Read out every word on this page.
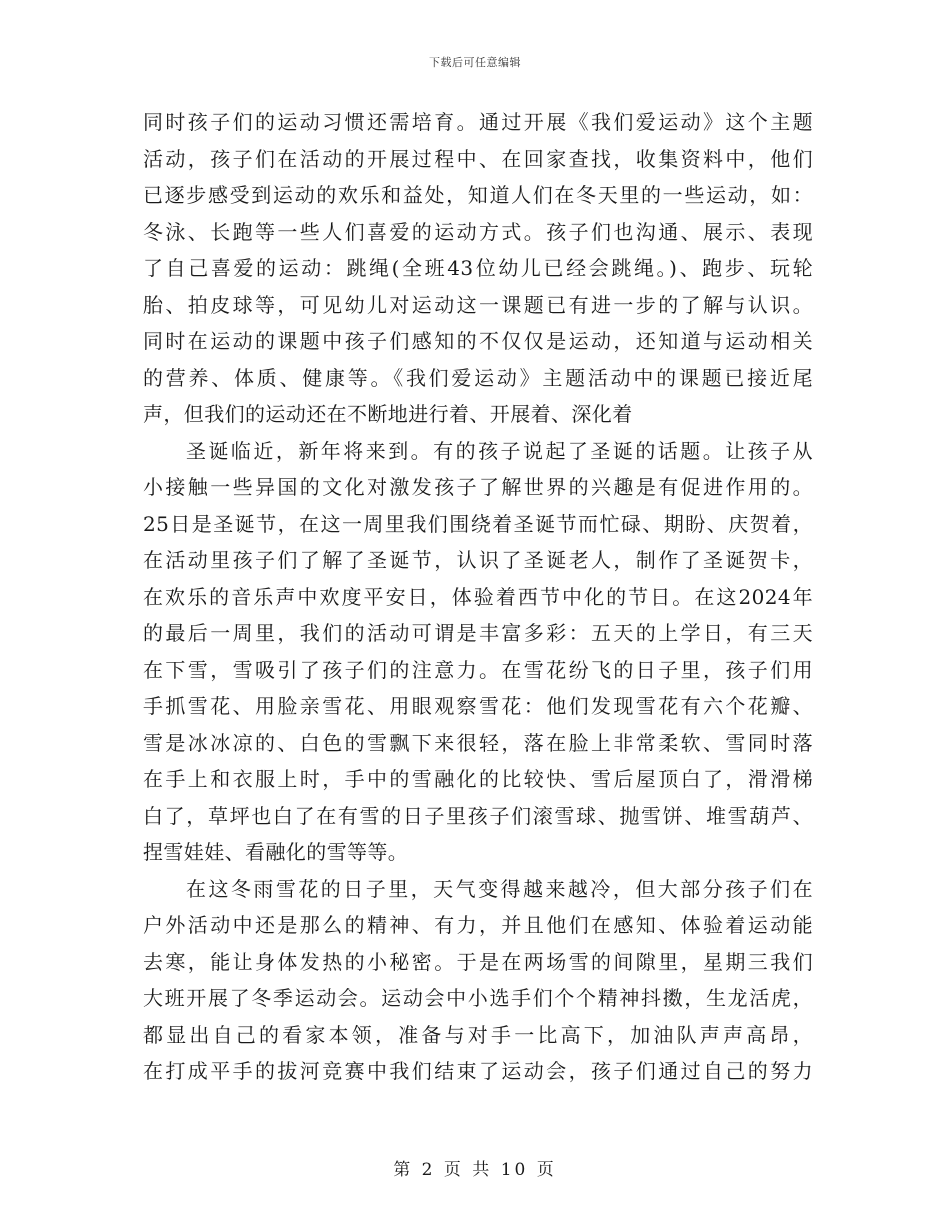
下载后可任意编辑
同时孩子们的运动习惯还需培育。通过开展《我们爱运动》这个主题
活动，孩子们在活动的开展过程中、在回家查找，收集资料中，他们
已逐步感受到运动的欢乐和益处，知道人们在冬天里的一些运动，如：
冬泳、长跑等一些人们喜爱的运动方式。孩子们也沟通、展示、表现
了自己喜爱的运动：跳绳(全班43位幼儿已经会跳绳。)、跑步、玩轮
胎、拍皮球等，可见幼儿对运动这一课题已有进一步的了解与认识。
同时在运动的课题中孩子们感知的不仅仅是运动，还知道与运动相关
的营养、体质、健康等。《我们爱运动》主题活动中的课题已接近尾
声，但我们的运动还在不断地进行着、开展着、深化着
圣诞临近，新年将来到。有的孩子说起了圣诞的话题。让孩子从
小接触一些异国的文化对激发孩子了解世界的兴趣是有促进作用的。
25日是圣诞节，在这一周里我们围绕着圣诞节而忙碌、期盼、庆贺着，
在活动里孩子们了解了圣诞节，认识了圣诞老人，制作了圣诞贺卡，
在欢乐的音乐声中欢度平安日，体验着西节中化的节日。在这2024年
的最后一周里，我们的活动可谓是丰富多彩：五天的上学日，有三天
在下雪，雪吸引了孩子们的注意力。在雪花纷飞的日子里，孩子们用
手抓雪花、用脸亲雪花、用眼观察雪花：他们发现雪花有六个花瓣、
雪是冰冰凉的、白色的雪飘下来很轻，落在脸上非常柔软、雪同时落
在手上和衣服上时，手中的雪融化的比较快、雪后屋顶白了，滑滑梯
白了，草坪也白了在有雪的日子里孩子们滚雪球、抛雪饼、堆雪葫芦、
捏雪娃娃、看融化的雪等等。
在这冬雨雪花的日子里，天气变得越来越冷，但大部分孩子们在
户外活动中还是那么的精神、有力，并且他们在感知、体验着运动能
去寒，能让身体发热的小秘密。于是在两场雪的间隙里，星期三我们
大班开展了冬季运动会。运动会中小选手们个个精神抖擞，生龙活虎，
都显出自己的看家本领，准备与对手一比高下，加油队声声高昂，
在打成平手的拔河竞赛中我们结束了运动会，孩子们通过自己的努力
第 2 页 共 10 页
